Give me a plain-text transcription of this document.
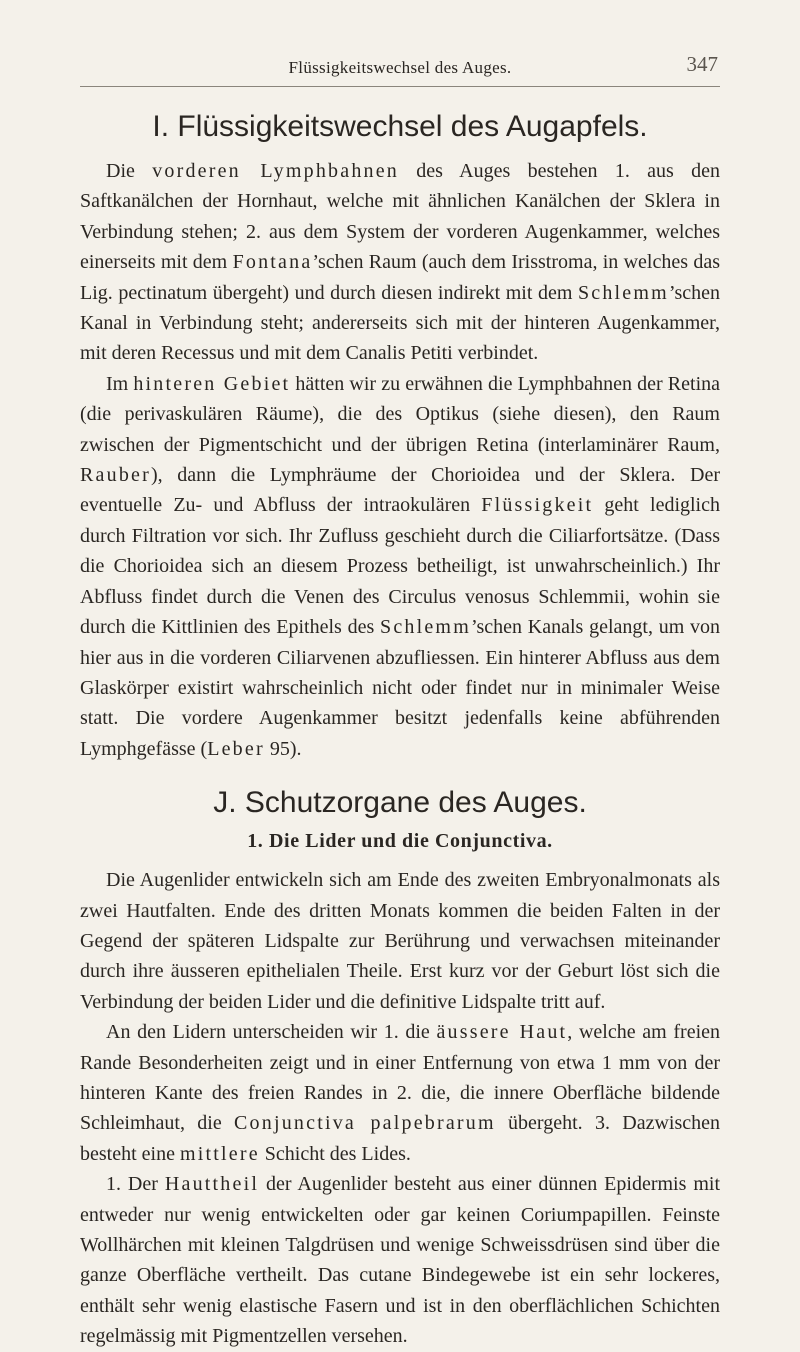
Flüssigkeitswechsel des Auges.	347
I. Flüssigkeitswechsel des Augapfels.

Die vorderen Lymphbahnen des Auges bestehen 1. aus den Saftkanälchen der Hornhaut, welche mit ähnlichen Kanälchen der Sklera in Verbindung stehen; 2. aus dem System der vorderen Augenkammer, welches einerseits mit dem Fontana’schen Raum (auch dem Irisstroma, in welches das Lig. pectinatum übergeht) und durch diesen indirekt mit dem Schlemm’schen Kanal in Verbindung steht; andererseits sich mit der hinteren Augenkammer, mit deren Recessus und mit dem Canalis Petiti verbindet.

Im hinteren Gebiet hätten wir zu erwähnen die Lymphbahnen der Retina (die perivaskulären Räume), die des Optikus (siehe diesen), den Raum zwischen der Pigmentschicht und der übrigen Retina (interlaminärer Raum, Rauber), dann die Lymphräume der Chorioidea und der Sklera. Der eventuelle Zu- und Abfluss der intraokulären Flüssigkeit geht lediglich durch Filtration vor sich. Ihr Zufluss geschieht durch die Ciliarfortsätze. (Dass die Chorioidea sich an diesem Prozess betheiligt, ist unwahrscheinlich.) Ihr Abfluss findet durch die Venen des Circulus venosus Schlemmii, wohin sie durch die Kittlinien des Epithels des Schlemm’schen Kanals gelangt, um von hier aus in die vorderen Ciliarvenen abzufliessen. Ein hinterer Abfluss aus dem Glaskörper existirt wahrscheinlich nicht oder findet nur in minimaler Weise statt. Die vordere Augenkammer besitzt jedenfalls keine abführenden Lymphgefässe (Leber 95).

J. Schutzorgane des Auges.
1. Die Lider und die Conjunctiva.

Die Augenlider entwickeln sich am Ende des zweiten Embryonalmonats als zwei Hautfalten. Ende des dritten Monats kommen die beiden Falten in der Gegend der späteren Lidspalte zur Berührung und verwachsen miteinander durch ihre äusseren epithelialen Theile. Erst kurz vor der Geburt löst sich die Verbindung der beiden Lider und die definitive Lidspalte tritt auf.

An den Lidern unterscheiden wir 1. die äussere Haut, welche am freien Rande Besonderheiten zeigt und in einer Entfernung von etwa 1 mm von der hinteren Kante des freien Randes in 2. die, die innere Oberfläche bildende Schleimhaut, die Conjunctiva palpebrarum übergeht. 3. Dazwischen besteht eine mittlere Schicht des Lides.

1. Der Hauttheil der Augenlider besteht aus einer dünnen Epidermis mit entweder nur wenig entwickelten oder gar keinen Coriumpapillen. Feinste Wollhärchen mit kleinen Talgdrüsen und wenige Schweissdrüsen sind über die ganze Oberfläche vertheilt. Das cutane Bindegewebe ist ein sehr lockeres, enthält sehr wenig elastische Fasern und ist in den oberflächlichen Schichten regelmässig mit Pigmentzellen versehen.
